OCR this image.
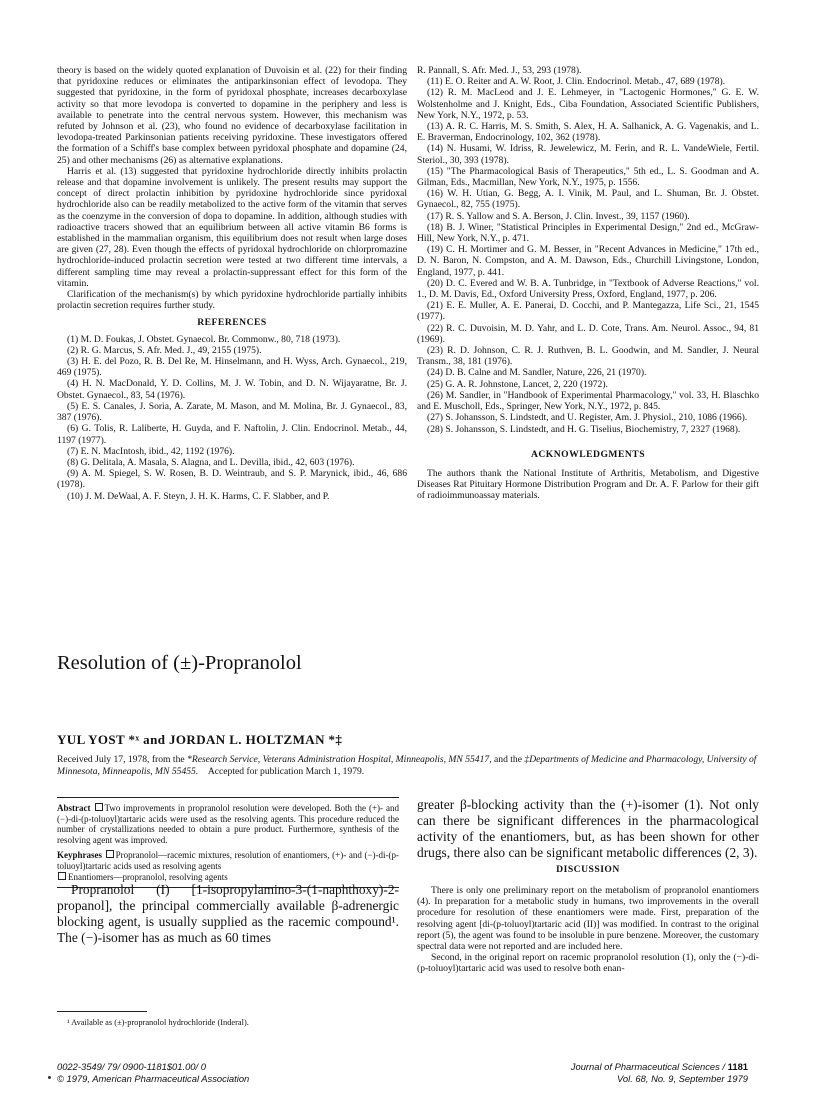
theory is based on the widely quoted explanation of Duvoisin et al. (22) for their finding that pyridoxine reduces or eliminates the antiparkinsonian effect of levodopa. They suggested that pyridoxine, in the form of pyridoxal phosphate, increases decarboxylase activity so that more levodopa is converted to dopamine in the periphery and less is available to penetrate into the central nervous system. However, this mechanism was refuted by Johnson et al. (23), who found no evidence of decarboxylase facilitation in levodopa-treated Parkinsonian patients receiving pyridoxine. These investigators offered the formation of a Schiff's base complex between pyridoxal phosphate and dopamine (24, 25) and other mechanisms (26) as alternative explanations.

Harris et al. (13) suggested that pyridoxine hydrochloride directly inhibits prolactin release and that dopamine involvement is unlikely. The present results may support the concept of direct prolactin inhibition by pyridoxine hydrochloride since pyridoxal hydrochloride also can be readily metabolized to the active form of the vitamin that serves as the coenzyme in the conversion of dopa to dopamine. In addition, although studies with radioactive tracers showed that an equilibrium between all active vitamin B6 forms is established in the mammalian organism, this equilibrium does not result when large doses are given (27, 28). Even though the effects of pyridoxal hydrochloride on chlorpromazine hydrochloride-induced prolactin secretion were tested at two different time intervals, a different sampling time may reveal a prolactin-suppressant effect for this form of the vitamin.

Clarification of the mechanism(s) by which pyridoxine hydrochloride partially inhibits prolactin secretion requires further study.

REFERENCES

(1) M. D. Foukas, J. Obstet. Gynaecol. Br. Commonw., 80, 718 (1973).

(2) R. G. Marcus, S. Afr. Med. J., 49, 2155 (1975).

(3) H. E. del Pozo, R. B. Del Re, M. Hinselmann, and H. Wyss, Arch. Gynaecol., 219, 469 (1975).

(4) H. N. MacDonald, Y. D. Collins, M. J. W. Tobin, and D. N. Wijayaratne, Br. J. Obstet. Gynaecol., 83, 54 (1976).

(5) E. S. Canales, J. Soria, A. Zarate, M. Mason, and M. Molina, Br. J. Gynaecol., 83, 387 (1976).

(6) G. Tolis, R. Laliberte, H. Guyda, and F. Naftolin, J. Clin. Endocrinol. Metab., 44, 1197 (1977).

(7) E. N. MacIntosh, ibid., 42, 1192 (1976).

(8) G. Delitala, A. Masala, S. Alagna, and L. Devilla, ibid., 42, 603 (1976).

(9) A. M. Spiegel, S. W. Rosen, B. D. Weintraub, and S. P. Marynick, ibid., 46, 686 (1978).

(10) J. M. DeWaal, A. F. Steyn, J. H. K. Harms, C. F. Slabber, and P.

R. Pannall, S. Afr. Med. J., 53, 293 (1978).

(11) E. O. Reiter and A. W. Root, J. Clin. Endocrinol. Metab., 47, 689 (1978).

(12) R. M. MacLeod and J. E. Lehmeyer, in "Lactogenic Hormones," G. E. W. Wolstenholme and J. Knight, Eds., Ciba Foundation, Associated Scientific Publishers, New York, N.Y., 1972, p. 53.

(13) A. R. C. Harris, M. S. Smith, S. Alex, H. A. Salhanick, A. G. Vagenakis, and L. E. Braverman, Endocrinology, 102, 362 (1978).

(14) N. Husami, W. Idriss, R. Jewelewicz, M. Ferin, and R. L. VandeWiele, Fertil. Steriol., 30, 393 (1978).

(15) "The Pharmacological Basis of Therapeutics," 5th ed., L. S. Goodman and A. Gilman, Eds., Macmillan, New York, N.Y., 1975, p. 1556.

(16) W. H. Utian, G. Begg, A. I. Vinik, M. Paul, and L. Shuman, Br. J. Obstet. Gynaecol., 82, 755 (1975).

(17) R. S. Yallow and S. A. Berson, J. Clin. Invest., 39, 1157 (1960).

(18) B. J. Winer, "Statistical Principles in Experimental Design," 2nd ed., McGraw-Hill, New York, N.Y., p. 471.

(19) C. H. Mortimer and G. M. Besser, in "Recent Advances in Medicine," 17th ed., D. N. Baron, N. Compston, and A. M. Dawson, Eds., Churchill Livingstone, London, England, 1977, p. 441.

(20) D. C. Evered and W. B. A. Tunbridge, in "Textbook of Adverse Reactions," vol. 1., D. M. Davis, Ed., Oxford University Press, Oxford, England, 1977, p. 206.

(21) E. E. Muller, A. E. Panerai, D. Cocchi, and P. Mantegazza, Life Sci., 21, 1545 (1977).

(22) R. C. Duvoisin, M. D. Yahr, and L. D. Cote, Trans. Am. Neurol. Assoc., 94, 81 (1969).

(23) R. D. Johnson, C. R. J. Ruthven, B. L. Goodwin, and M. Sandler, J. Neural Transm., 38, 181 (1976).

(24) D. B. Calne and M. Sandler, Nature, 226, 21 (1970).

(25) G. A. R. Johnstone, Lancet, 2, 220 (1972).

(26) M. Sandler, in "Handbook of Experimental Pharmacology," vol. 33, H. Blaschko and E. Muscholl, Eds., Springer, New York, N.Y., 1972, p. 845.

(27) S. Johansson, S. Lindstedt, and U. Register, Am. J. Physiol., 210, 1086 (1966).

(28) S. Johansson, S. Lindstedt, and H. G. Tiselius, Biochemistry, 7, 2327 (1968).

ACKNOWLEDGMENTS

The authors thank the National Institute of Arthritis, Metabolism, and Digestive Diseases Rat Pituitary Hormone Distribution Program and Dr. A. F. Parlow for their gift of radioimmunoassay materials.

Resolution of (±)-Propranolol
YUL YOST *ˣ and JORDAN L. HOLTZMAN *‡

Received July 17, 1978, from the *Research Service, Veterans Administration Hospital, Minneapolis, MN 55417, and the ‡Departments of Medicine and Pharmacology, University of Minnesota, Minneapolis, MN 55455. Accepted for publication March 1, 1979.

Abstract Two improvements in propranolol resolution were developed. Both the (+)- and (−)-di-(p-toluoyl)tartaric acids were used as the resolving agents. This procedure reduced the number of crystallizations needed to obtain a pure product. Furthermore, synthesis of the resolving agent was improved.

Keyphrases Propranolol—racemic mixtures, resolution of enantiomers, (+)- and (−)-di-(p-toluoyl)tartaric acids used as resolving agents
Enantiomers—propranolol, resolving agents

Propranolol (I) [1-isopropylamino-3-(1-naphthoxy)-2-propanol], the principal commercially available β-adrenergic blocking agent, is usually supplied as the racemic compound¹. The (−)-isomer has as much as 60 times

greater β-blocking activity than the (+)-isomer (1). Not only can there be significant differences in the pharmacological activity of the enantiomers, but, as has been shown for other drugs, there also can be significant metabolic differences (2, 3).

DISCUSSION

There is only one preliminary report on the metabolism of propranolol enantiomers (4). In preparation for a metabolic study in humans, two improvements in the overall procedure for resolution of these enantiomers were made. First, preparation of the resolving agent [di-(p-toluoyl)tartaric acid (II)] was modified. In contrast to the original report (5), the agent was found to be insoluble in pure benzene. Moreover, the customary spectral data were not reported and are included here.

Second, in the original report on racemic propranolol resolution (1), only the (−)-di-(p-toluoyl)tartaric acid was used to resolve both enan-

¹ Available as (±)-propranolol hydrochloride (Inderal).

0022-3549/ 79/ 0900-1181$01.00/ 0
© 1979, American Pharmaceutical Association
Journal of Pharmaceutical Sciences / 1181
Vol. 68, No. 9, September 1979
